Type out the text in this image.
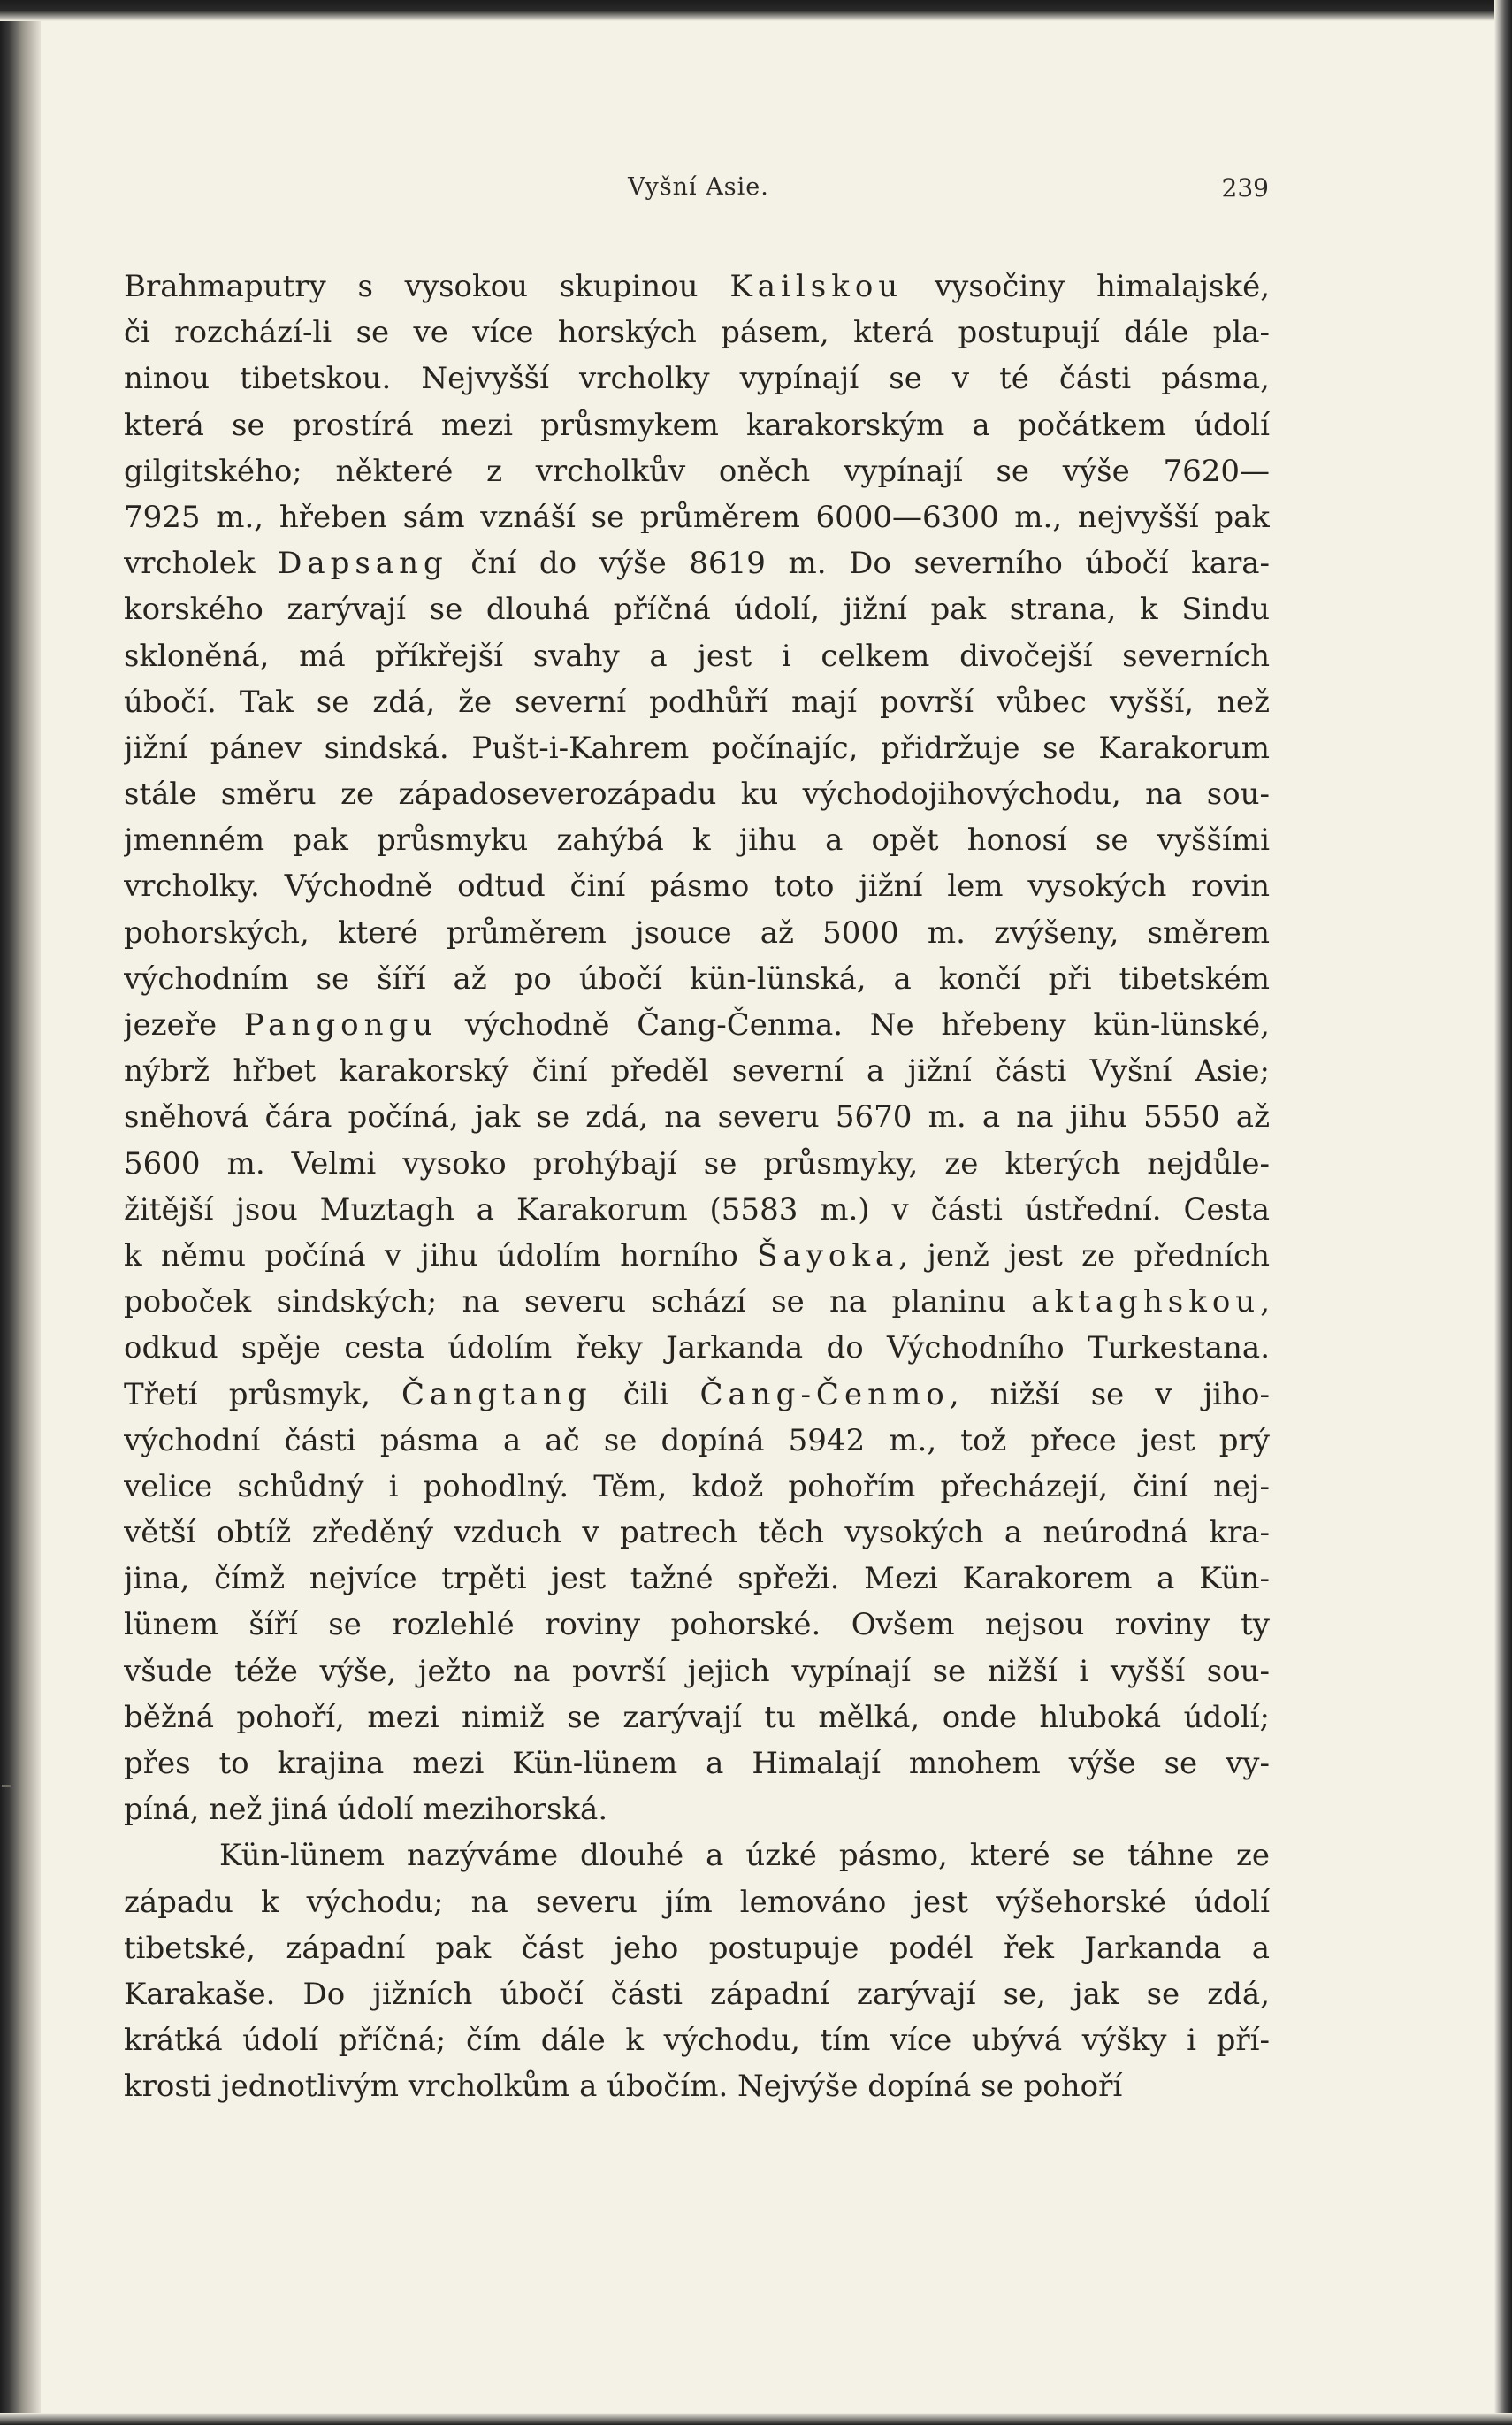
Vyšní Asie.	239
Brahmaputry s vysokou skupinou Kailskou vysočiny himalajské,
či rozchází-li se ve více horských pásem, která postupují dále pla-
ninou tibetskou. Nejvyšší vrcholky vypínají se v té části pásma,
která se prostírá mezi průsmykem karakorským a počátkem údolí
gilgitského; některé z vrcholkův oněch vypínají se výše 7620—
7925 m., hřeben sám vznáší se průměrem 6000—6300 m., nejvyšší pak
vrcholek Dapsang ční do výše 8619 m. Do severního úbočí kara-
korského zarývají se dlouhá příčná údolí, jižní pak strana, k Sindu
skloněná, má příkřejší svahy a jest i celkem divočejší severních
úbočí. Tak se zdá, že severní podhůří mají površí vůbec vyšší, než
jižní pánev sindská. Pušt-i-Kahrem počínajíc, přidržuje se Karakorum
stále směru ze západoseverozápadu ku východojihovýchodu, na sou-
jmenném pak průsmyku zahýbá k jihu a opět honosí se vyššími
vrcholky. Východně odtud činí pásmo toto jižní lem vysokých rovin
pohorských, které průměrem jsouce až 5000 m. zvýšeny, směrem
východním se šíří až po úbočí kün-lünská, a končí při tibetském
jezeře Pangongu východně Čang-Čenma. Ne hřebeny kün-lünské,
nýbrž hřbet karakorský činí předěl severní a jižní části Vyšní Asie;
sněhová čára počíná, jak se zdá, na severu 5670 m. a na jihu 5550 až
5600 m. Velmi vysoko prohýbají se průsmyky, ze kterých nejdůle-
žitější jsou Muztagh a Karakorum (5583 m.) v části ústřední. Cesta
k němu počíná v jihu údolím horního Šayoka, jenž jest ze předních
poboček sindských; na severu schází se na planinu aktaghskou,
odkud spěje cesta údolím řeky Jarkanda do Východního Turkestana.
Třetí průsmyk, Čangtang čili Čang-Čenmo, nižší se v jiho-
východní části pásma a ač se dopíná 5942 m., tož přece jest prý
velice schůdný i pohodlný. Těm, kdož pohořím přecházejí, činí nej-
větší obtíž zředěný vzduch v patrech těch vysokých a neúrodná kra-
jina, čímž nejvíce trpěti jest tažné spřeži. Mezi Karakorem a Kün-
lünem šíří se rozlehlé roviny pohorské. Ovšem nejsou roviny ty
všude téže výše, ježto na površí jejich vypínají se nižší i vyšší sou-
běžná pohoří, mezi nimiž se zarývají tu mělká, onde hluboká údolí;
přes to krajina mezi Kün-lünem a Himalají mnohem výše se vy-
píná, než jiná údolí mezihorská.
Kün-lünem nazýváme dlouhé a úzké pásmo, které se táhne ze
západu k východu; na severu jím lemováno jest výšehorské údolí
tibetské, západní pak část jeho postupuje podél řek Jarkanda a
Karakaše. Do jižních úbočí části západní zarývají se, jak se zdá,
krátká údolí příčná; čím dále k východu, tím více ubývá výšky i pří-
krosti jednotlivým vrcholkům a úbočím. Nejvýše dopíná se pohoří
